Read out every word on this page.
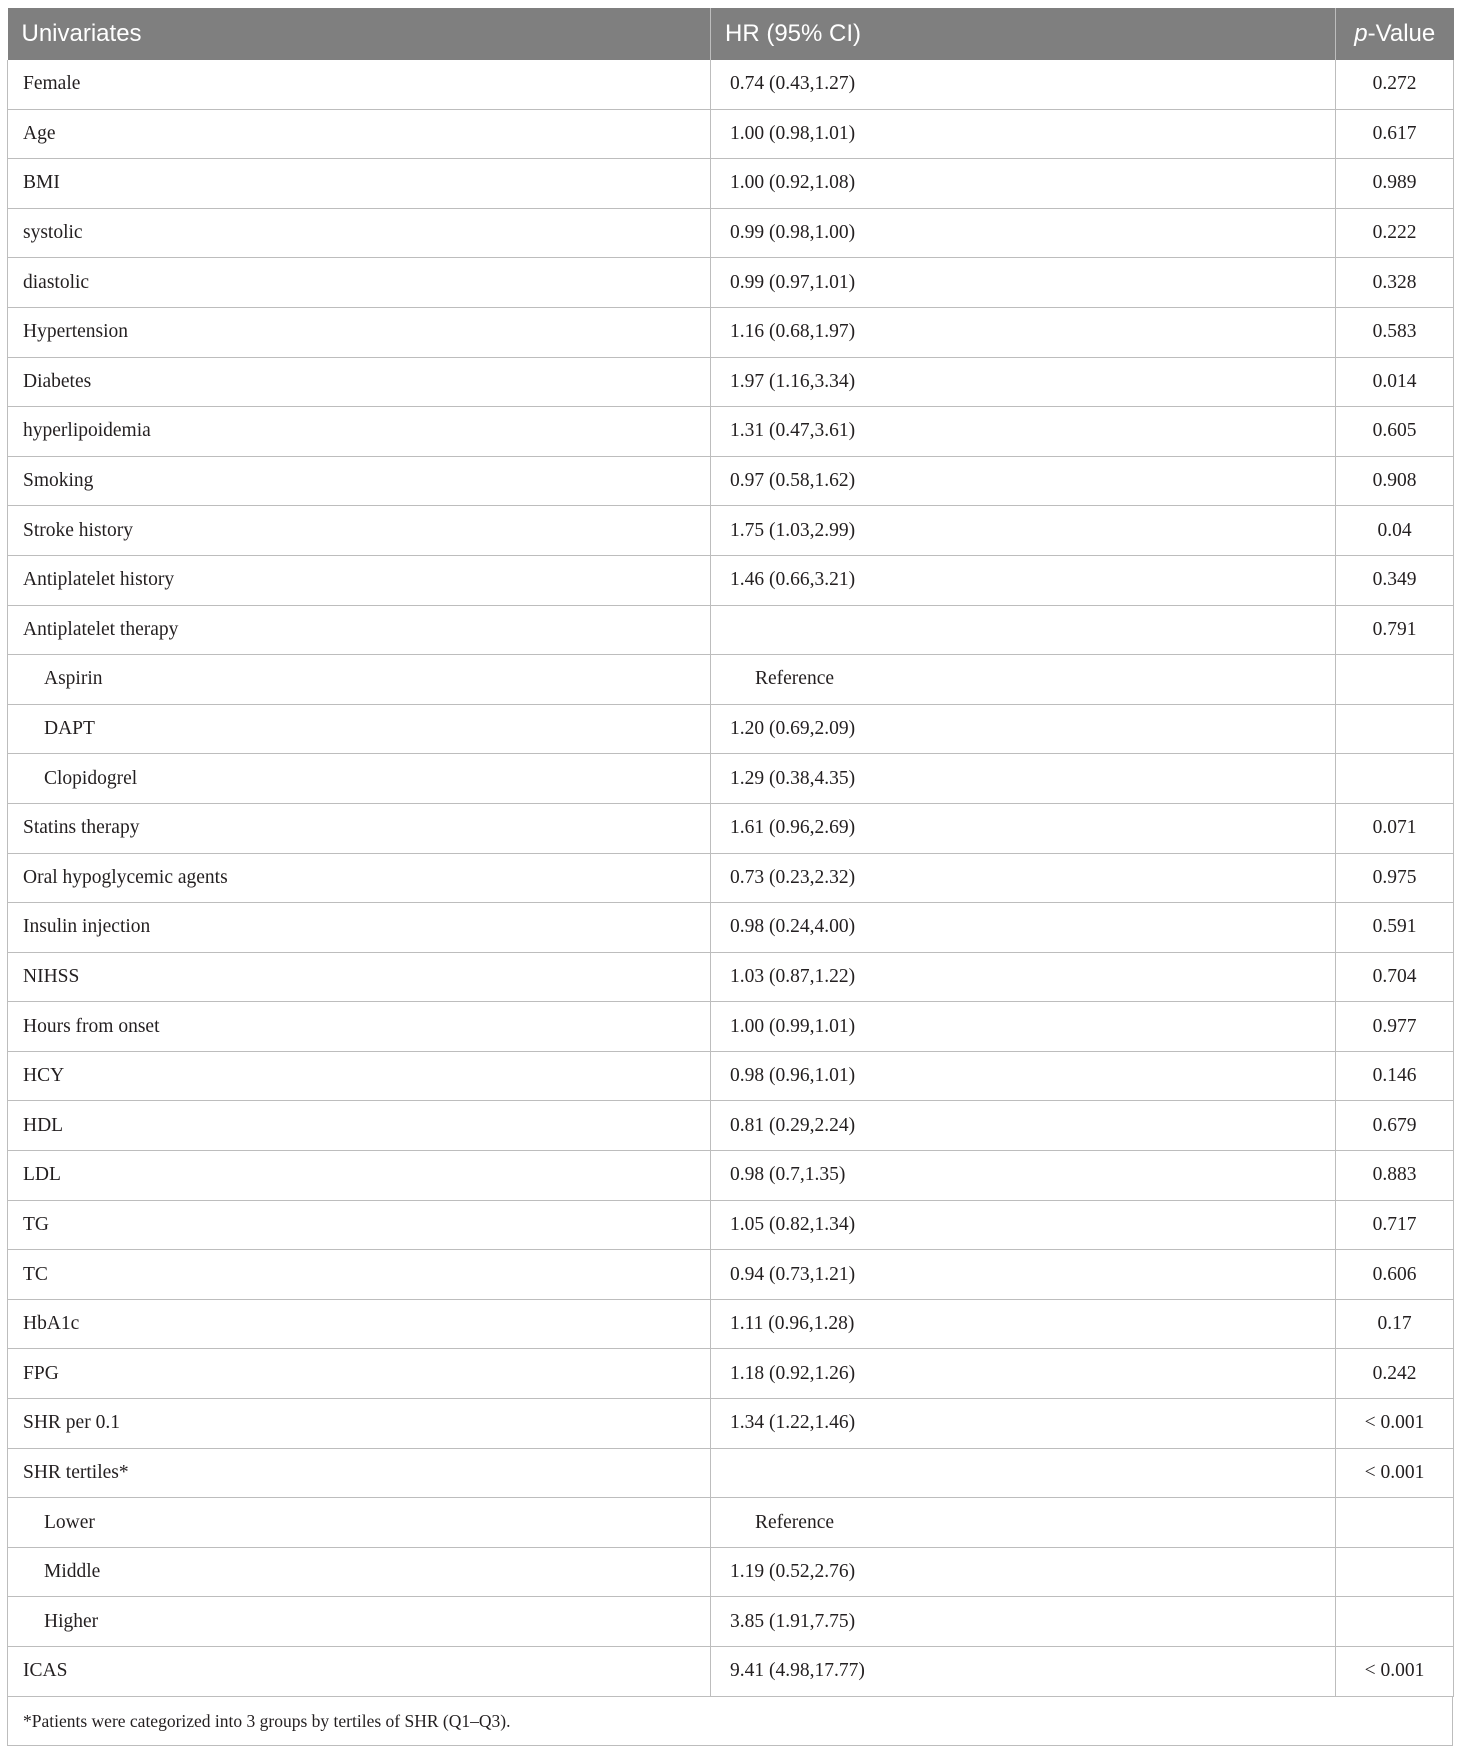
Univariates	HR (95% CI)	p-Value
Female	0.74 (0.43,1.27)	0.272
Age	1.00 (0.98,1.01)	0.617
BMI	1.00 (0.92,1.08)	0.989
systolic	0.99 (0.98,1.00)	0.222
diastolic	0.99 (0.97,1.01)	0.328
Hypertension	1.16 (0.68,1.97)	0.583
Diabetes	1.97 (1.16,3.34)	0.014
hyperlipoidemia	1.31 (0.47,3.61)	0.605
Smoking	0.97 (0.58,1.62)	0.908
Stroke history	1.75 (1.03,2.99)	0.04
Antiplatelet history	1.46 (0.66,3.21)	0.349
Antiplatelet therapy		0.791
Aspirin	Reference	
DAPT	1.20 (0.69,2.09)	
Clopidogrel	1.29 (0.38,4.35)	
Statins therapy	1.61 (0.96,2.69)	0.071
Oral hypoglycemic agents	0.73 (0.23,2.32)	0.975
Insulin injection	0.98 (0.24,4.00)	0.591
NIHSS	1.03 (0.87,1.22)	0.704
Hours from onset	1.00 (0.99,1.01)	0.977
HCY	0.98 (0.96,1.01)	0.146
HDL	0.81 (0.29,2.24)	0.679
LDL	0.98 (0.7,1.35)	0.883
TG	1.05 (0.82,1.34)	0.717
TC	0.94 (0.73,1.21)	0.606
HbA1c	1.11 (0.96,1.28)	0.17
FPG	1.18 (0.92,1.26)	0.242
SHR per 0.1	1.34 (1.22,1.46)	< 0.001
SHR tertiles*		< 0.001
Lower	Reference	
Middle	1.19 (0.52,2.76)	
Higher	3.85 (1.91,7.75)	
ICAS	9.41 (4.98,17.77)	< 0.001
*Patients were categorized into 3 groups by tertiles of SHR (Q1–Q3).
